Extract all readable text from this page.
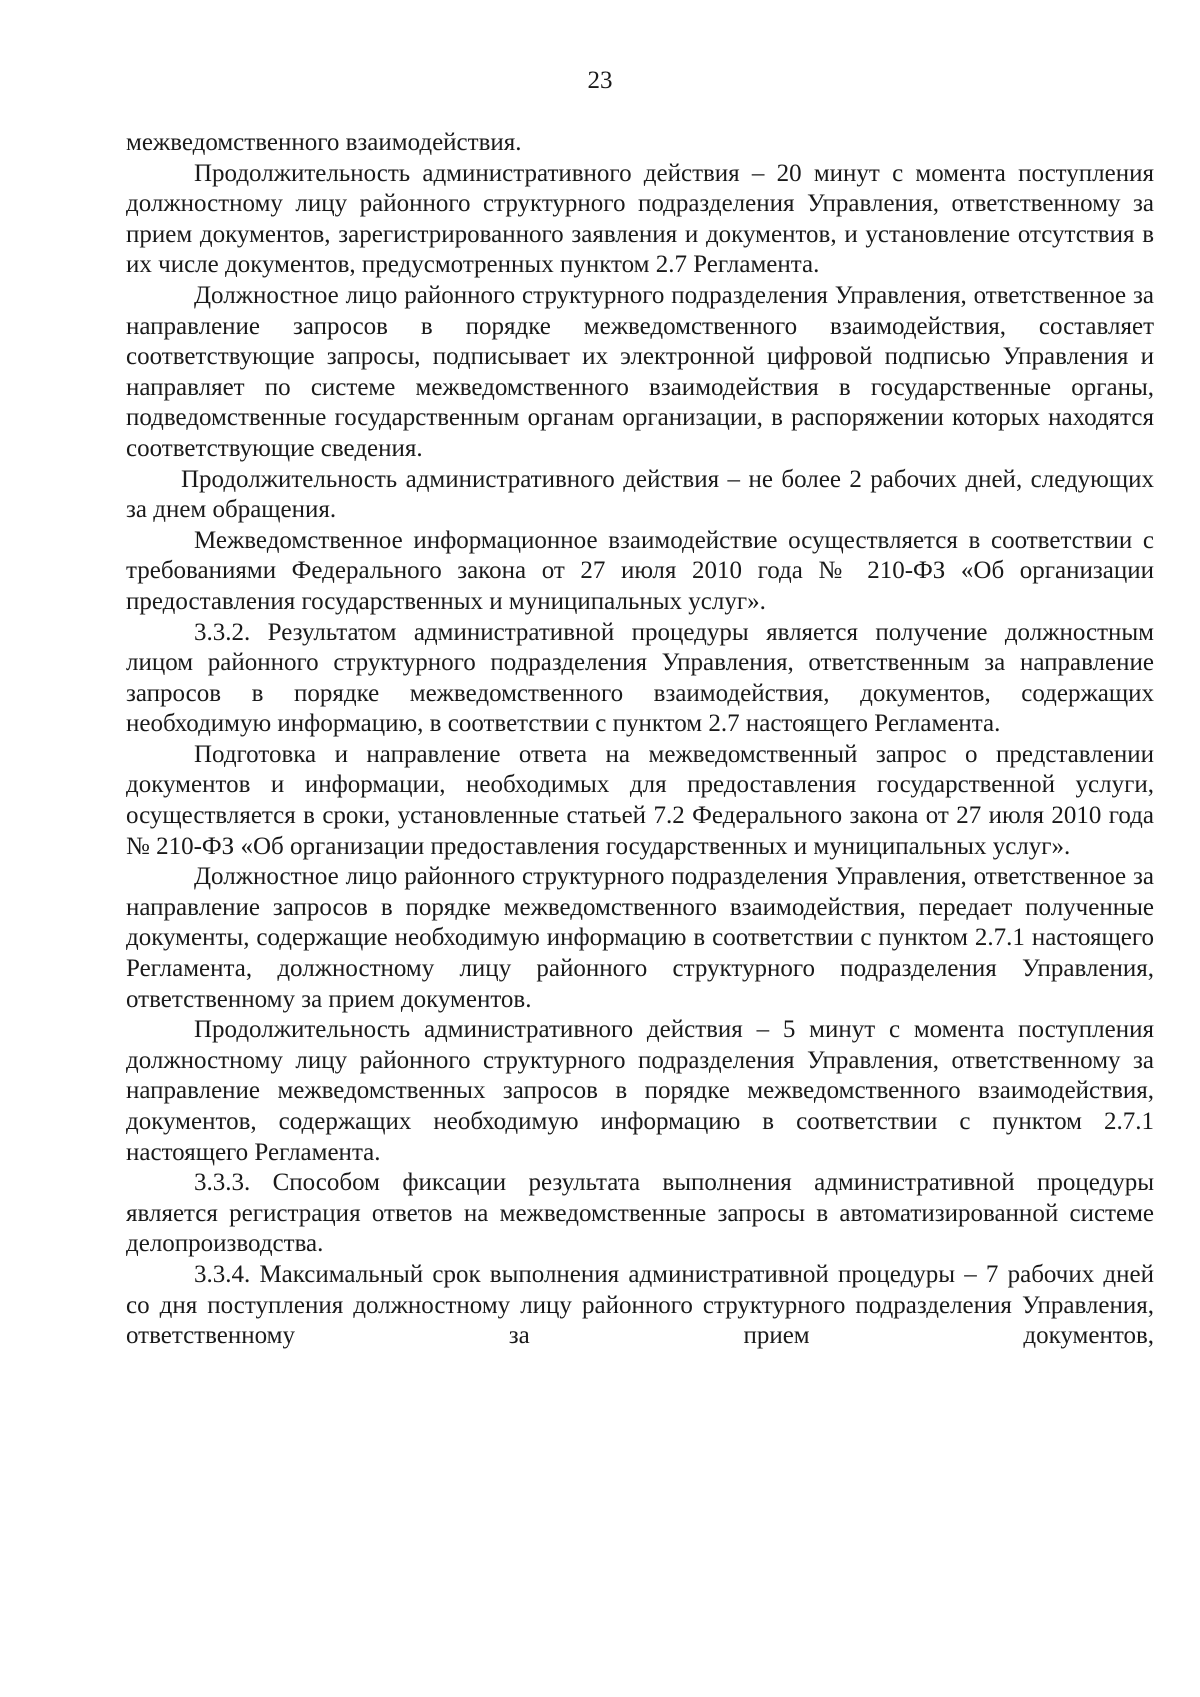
23

межведомственного взаимодействия.

Продолжительность административного действия – 20 минут с момента поступления должностному лицу районного структурного подразделения Управления, ответственному за прием документов, зарегистрированного заявления и документов, и установление отсутствия в их числе документов, предусмотренных пунктом 2.7 Регламента.

Должностное лицо районного структурного подразделения Управления, ответственное за направление запросов в порядке межведомственного взаимодействия, составляет соответствующие запросы, подписывает их электронной цифровой подписью Управления и направляет по системе межведомственного взаимодействия в государственные органы, подведомственные государственным органам организации, в распоряжении которых находятся соответствующие сведения.

Продолжительность административного действия – не более 2 рабочих дней, следующих за днем обращения.

Межведомственное информационное взаимодействие осуществляется в соответствии с требованиями Федерального закона от 27 июля 2010 года № 210-ФЗ «Об организации предоставления государственных и муниципальных услуг».

3.3.2. Результатом административной процедуры является получение должностным лицом районного структурного подразделения Управления, ответственным за направление запросов в порядке межведомственного взаимодействия, документов, содержащих необходимую информацию, в соответствии с пунктом 2.7 настоящего Регламента.

Подготовка и направление ответа на межведомственный запрос о представлении документов и информации, необходимых для предоставления государственной услуги, осуществляется в сроки, установленные статьей 7.2 Федерального закона от 27 июля 2010 года № 210-ФЗ «Об организации предоставления государственных и муниципальных услуг».

Должностное лицо районного структурного подразделения Управления, ответственное за направление запросов в порядке межведомственного взаимодействия, передает полученные документы, содержащие необходимую информацию в соответствии с пунктом 2.7.1 настоящего Регламента, должностному лицу районного структурного подразделения Управления, ответственному за прием документов.

Продолжительность административного действия – 5 минут с момента поступления должностному лицу районного структурного подразделения Управления, ответственному за направление межведомственных запросов в порядке межведомственного взаимодействия, документов, содержащих необходимую информацию в соответствии с пунктом 2.7.1 настоящего Регламента.

3.3.3. Способом фиксации результата выполнения административной процедуры является регистрация ответов на межведомственные запросы в автоматизированной системе делопроизводства.

3.3.4. Максимальный срок выполнения административной процедуры – 7 рабочих дней со дня поступления должностному лицу районного структурного подразделения Управления, ответственному за прием документов,
